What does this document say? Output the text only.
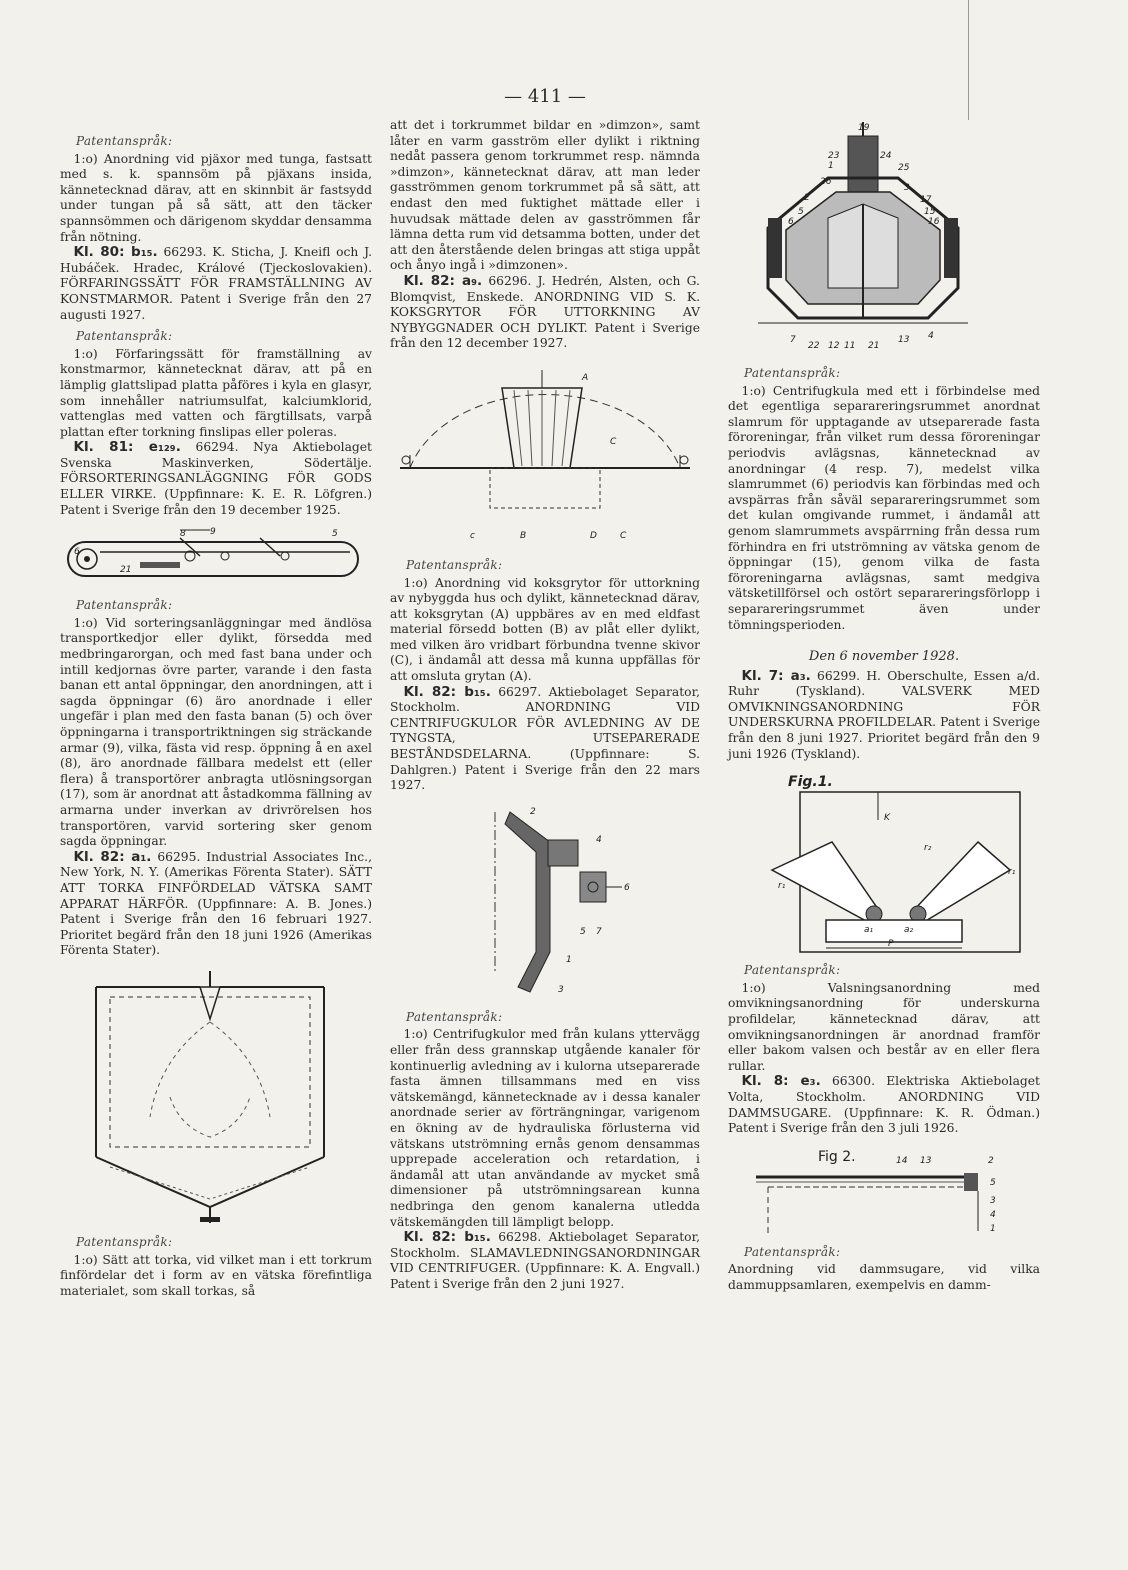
— 411 —
Patentanspråk:

1:o) Anordning vid pjäxor med tunga, fastsatt med s. k. spannsöm på pjäxans insida, kännetecknad därav, att en skinnbit är fastsydd under tungan på så sätt, att den täcker spannsömmen och därigenom skyddar densamma från nötning.

Kl. 80: b₁₅. 66293. K. Sticha, J. Kneifl och J. Hubáček. Hradec, Králové (Tjeckoslovakien). FÖRFARINGSSÄTT FÖR FRAMSTÄLLNING AV KONSTMARMOR. Patent i Sverige från den 27 augusti 1927.

Patentanspråk:

1:o) Förfaringssätt för framställning av konstmarmor, kännetecknat därav, att på en lämplig glattslipad platta påföres i kyla en glasyr, som innehåller natriumsulfat, kalciumklorid, vattenglas med vatten och färgtillsats, varpå plattan efter torkning finslipas eller poleras.

Kl. 81: e₁₂₉. 66294. Nya Aktiebolaget Svenska Maskinverken, Södertälje. FÖRSORTERINGSANLÄGGNING FÖR GODS ELLER VIRKE. (Uppfinnare: K. E. R. Löfgren.) Patent i Sverige från den 19 december 1925.

6
8	9	5
21
Patentanspråk:

1:o) Vid sorteringsanläggningar med ändlösa transportkedjor eller dylikt, försedda med medbringarorgan, och med fast bana under och intill kedjornas övre parter, varande i den fasta banan ett antal öppningar, den anordningen, att i sagda öppningar (6) äro anordnade i eller ungefär i plan med den fasta banan (5) och över öppningarna i transportriktningen sig sträckande armar (9), vilka, fästa vid resp. öppning å en axel (8), äro anordnade fällbara medelst ett (eller flera) å transportörer anbragta utlösningsorgan (17), som är anordnat att åstadkomma fällning av armarna under inverkan av drivrörelsen hos transportören, varvid sortering sker genom sagda öppningar.

Kl. 82: a₁. 66295. Industrial Associates Inc., New York, N. Y. (Amerikas Förenta Stater). SÄTT ATT TORKA FINFÖRDELAD VÄTSKA SAMT APPARAT HÄRFÖR. (Uppfinnare: A. B. Jones.) Patent i Sverige från den 16 februari 1927. Prioritet begärd från den 18 juni 1926 (Amerikas Förenta Stater).

Patentanspråk:

1:o) Sätt att torka, vid vilket man i ett torkrum finfördelar det i form av en vätska förefintliga materialet, som skall torkas, så

att det i torkrummet bildar en »dimzon», samt låter en varm gasström eller dylikt i riktning nedåt passera genom torkrummet resp. nämnda »dimzon», kännetecknat därav, att man leder gasströmmen genom torkrummet på så sätt, att endast den med fuktighet mättade eller i huvudsak mättade delen av gasströmmen får lämna detta rum vid detsamma botten, under det att den återstående delen bringas att stiga uppåt och ånyo ingå i »dimzonen».

Kl. 82: a₉. 66296. J. Hedrén, Alsten, och G. Blomqvist, Enskede. ANORDNING VID S. K. KOKSGRYTOR FÖR UTTORKNING AV NYBYGGNADER OCH DYLIKT. Patent i Sverige från den 12 december 1927.

A
C
c	B	D	C
Patentanspråk:

1:o) Anordning vid koksgrytor för uttorkning av nybyggda hus och dylikt, kännetecknad därav, att koksgrytan (A) uppbäres av en med eldfast material försedd botten (B) av plåt eller dylikt, med vilken äro vridbart förbundna tvenne skivor (C), i ändamål att dessa må kunna uppfällas för att omsluta grytan (A).

Kl. 82: b₁₅. 66297. Aktiebolaget Separator, Stockholm. ANORDNING VID CENTRIFUGKULOR FÖR AVLEDNING AV DE TYNGSTA, UTSEPARERADE BESTÅNDSDELARNA. (Uppfinnare: S. Dahlgren.) Patent i Sverige från den 22 mars 1927.

2
4
6
5 7
1
3
Patentanspråk:

1:o) Centrifugkulor med från kulans yttervägg eller från dess grannskap utgående kanaler för kontinuerlig avledning av i kulorna utseparerade fasta ämnen tillsammans med en viss vätskemängd, kännetecknade av i dessa kanaler anordnade serier av förträngningar, varigenom en ökning av de hydrauliska förlusterna vid vätskans utströmning ernås genom densammas upprepade acceleration och retardation, i ändamål att utan användande av mycket små dimensioner på utströmningsarean kunna nedbringa den genom kanalerna utledda vätskemängden till lämpligt belopp.

Kl. 82: b₁₅. 66298. Aktiebolaget Separator, Stockholm. SLAMAVLEDNINGSANORDNINGAR VID CENTRIFUGER. (Uppfinnare: K. A. Engvall.) Patent i Sverige från den 2 juni 1927.

19
23	24
1	25
26
3
2	17
5	15
6	16
7
22 12 11 21
13 4
Patentanspråk:

1:o) Centrifugkula med ett i förbindelse med det egentliga separareringsrummet anordnat slamrum för upptagande av utseparerade fasta föroreningar, från vilket rum dessa föroreningar periodvis avlägsnas, kännetecknad av anordningar (4 resp. 7), medelst vilka slamrummet (6) periodvis kan förbindas med och avspärras från såväl separareringsrummet som det kulan omgivande rummet, i ändamål att genom slamrummets avspärrning från dessa rum förhindra en fri utströmning av vätska genom de öppningar (15), genom vilka de fasta föroreningarna avlägsnas, samt medgiva vätsketillförsel och ostört separareringsförlopp i separareringsrummet även under tömningsperioden.

Den 6 november 1928.

Kl. 7: a₃. 66299. H. Oberschulte, Essen a/d. Ruhr (Tyskland). VALSVERK MED OMVIKNINGSANORDNING FÖR UNDERSKURNA PROFILDELAR. Patent i Sverige från den 8 juni 1927. Prioritet begärd från den 9 juni 1926 (Tyskland).

Fig.1.
K
r₁
r₂
r₁
P
a₁	a₂
Patentanspråk:

1:o) Valsningsanordning med omvikningsanordning för underskurna profildelar, kännetecknad därav, att omvikningsanordningen är anordnad framför eller bakom valsen och består av en eller flera rullar.

Kl. 8: e₃. 66300. Elektriska Aktiebolaget Volta, Stockholm. ANORDNING VID DAMMSUGARE. (Uppfinnare: K. R. Ödman.) Patent i Sverige från den 3 juli 1926.

Fig 2.	14 13	2
5
3
4
1
Patentanspråk:

Anordning vid dammsugare, vid vilka dammuppsamlaren, exempelvis en damm-
